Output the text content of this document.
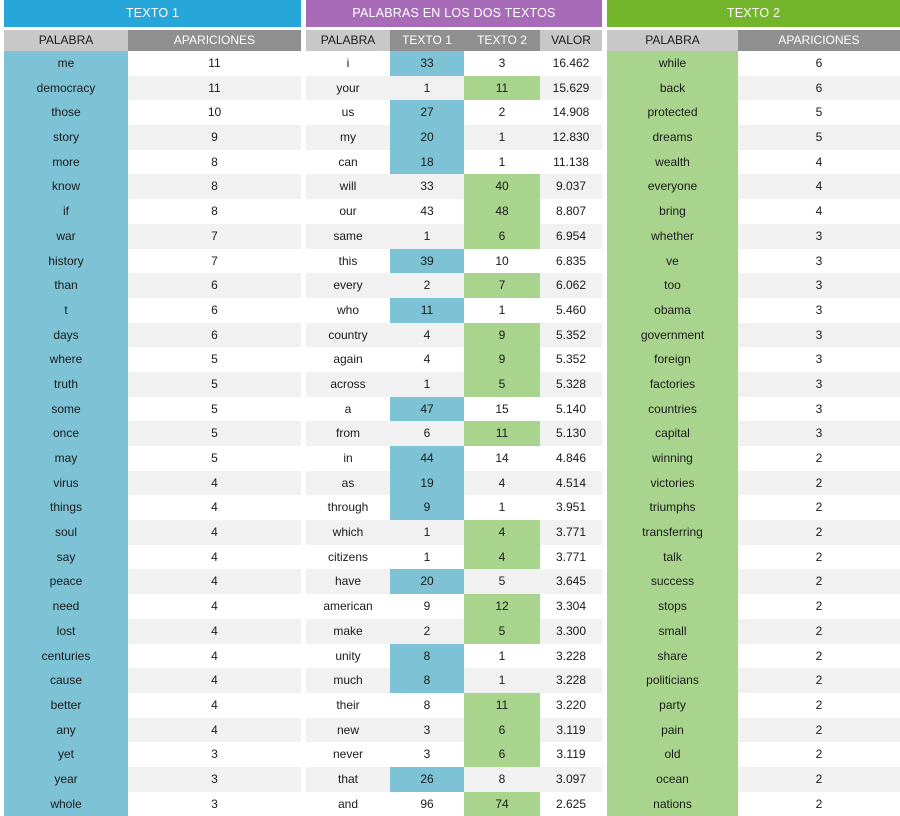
TEXTO 1
PALABRA	APARICIONES
me	11
democracy	11
those	10
story	9
more	8
know	8
if	8
war	7
history	7
than	6
t	6
days	6
where	5
truth	5
some	5
once	5
may	5
virus	4
things	4
soul	4
say	4
peace	4
need	4
lost	4
centuries	4
cause	4
better	4
any	4
yet	3
year	3
whole	3
PALABRAS EN LOS DOS TEXTOS
PALABRA	TEXTO 1	TEXTO 2	VALOR
i	33	3	16.462
your	1	11	15.629
us	27	2	14.908
my	20	1	12.830
can	18	1	11.138
will	33	40	9.037
our	43	48	8.807
same	1	6	6.954
this	39	10	6.835
every	2	7	6.062
who	11	1	5.460
country	4	9	5.352
again	4	9	5.352
across	1	5	5.328
a	47	15	5.140
from	6	11	5.130
in	44	14	4.846
as	19	4	4.514
through	9	1	3.951
which	1	4	3.771
citizens	1	4	3.771
have	20	5	3.645
american	9	12	3.304
make	2	5	3.300
unity	8	1	3.228
much	8	1	3.228
their	8	11	3.220
new	3	6	3.119
never	3	6	3.119
that	26	8	3.097
and	96	74	2.625
TEXTO 2
PALABRA	APARICIONES
while	6
back	6
protected	5
dreams	5
wealth	4
everyone	4
bring	4
whether	3
ve	3
too	3
obama	3
government	3
foreign	3
factories	3
countries	3
capital	3
winning	2
victories	2
triumphs	2
transferring	2
talk	2
success	2
stops	2
small	2
share	2
politicians	2
party	2
pain	2
old	2
ocean	2
nations	2
